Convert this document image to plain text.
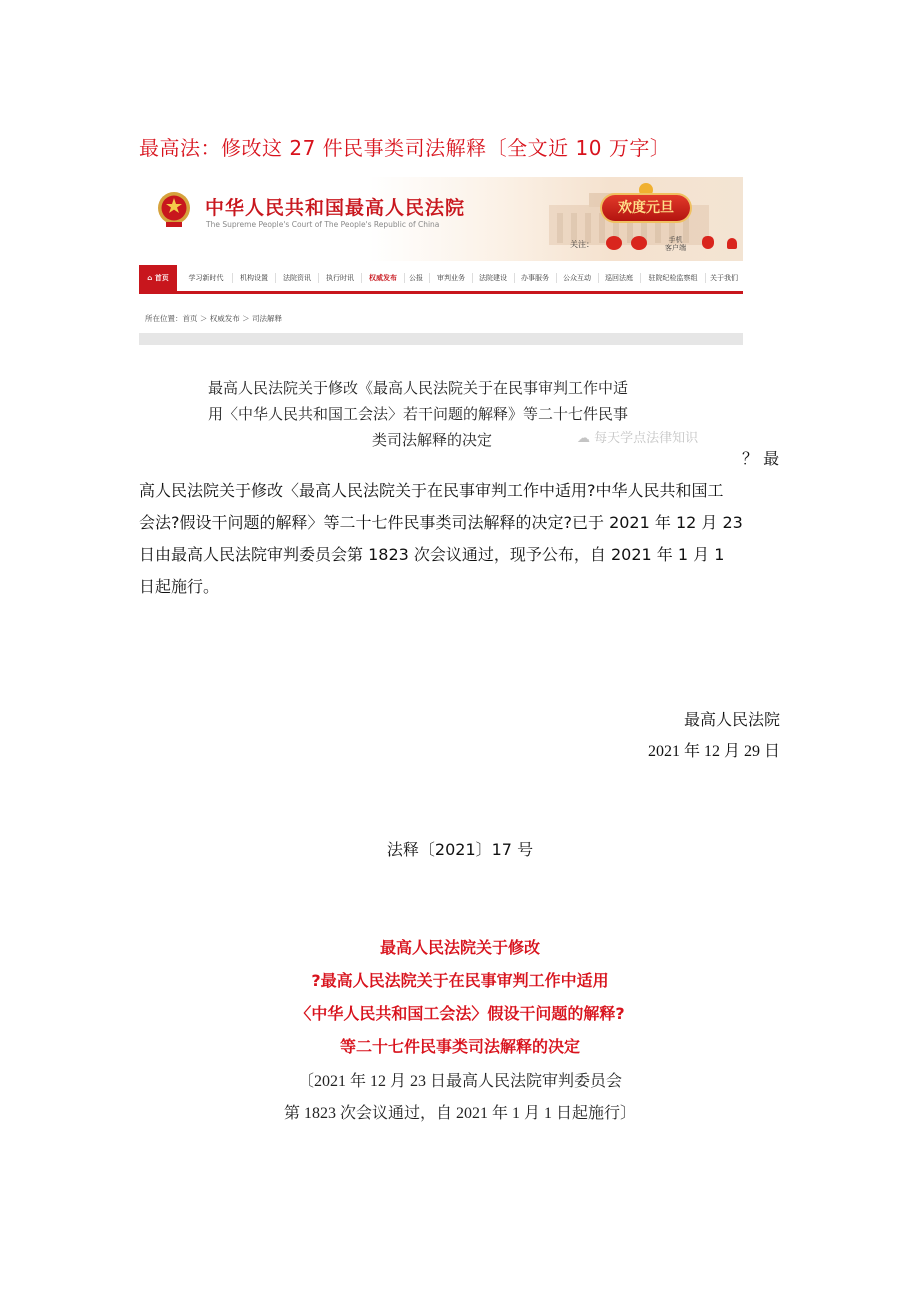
最高法：修改这 27 件民事类司法解释〔全文近 10 万字〕
中华人民共和国最高人民法院
The Supreme People's Court of The People's Republic of China
欢度元旦
关注：	手机
客户端
⌂ 首页	学习新时代	机构设置	法院资讯	执行时讯	权威发布	公报	审判业务	法院建设	办事服务	公众互动	巡回法庭	驻院纪检监察组	关于我们
所在位置：首页 ＞ 权威发布 ＞ 司法解释
最高人民法院关于修改《最高人民法院关于在民事审判工作中适
用〈中华人民共和国工会法〉若干问题的解释》等二十七件民事
类司法解释的决定	☁ 每天学点法律知识
？ 最
高人民法院关于修改〈最高人民法院关于在民事审判工作中适用?中华人民共和国工
会法?假设干问题的解释〉等二十七件民事类司法解释的决定?已于 2021 年 12 月 23
日由最高人民法院审判委员会第 1823 次会议通过，现予公布，自 2021 年 1 月 1
日起施行。
最高人民法院
2021 年 12 月 29 日
法释〔2021〕17 号
最高人民法院关于修改
?最高人民法院关于在民事审判工作中适用
〈中华人民共和国工会法〉假设干问题的解释?
等二十七件民事类司法解释的决定
〔2021 年 12 月 23 日最高人民法院审判委员会
第 1823 次会议通过，自 2021 年 1 月 1 日起施行〕
